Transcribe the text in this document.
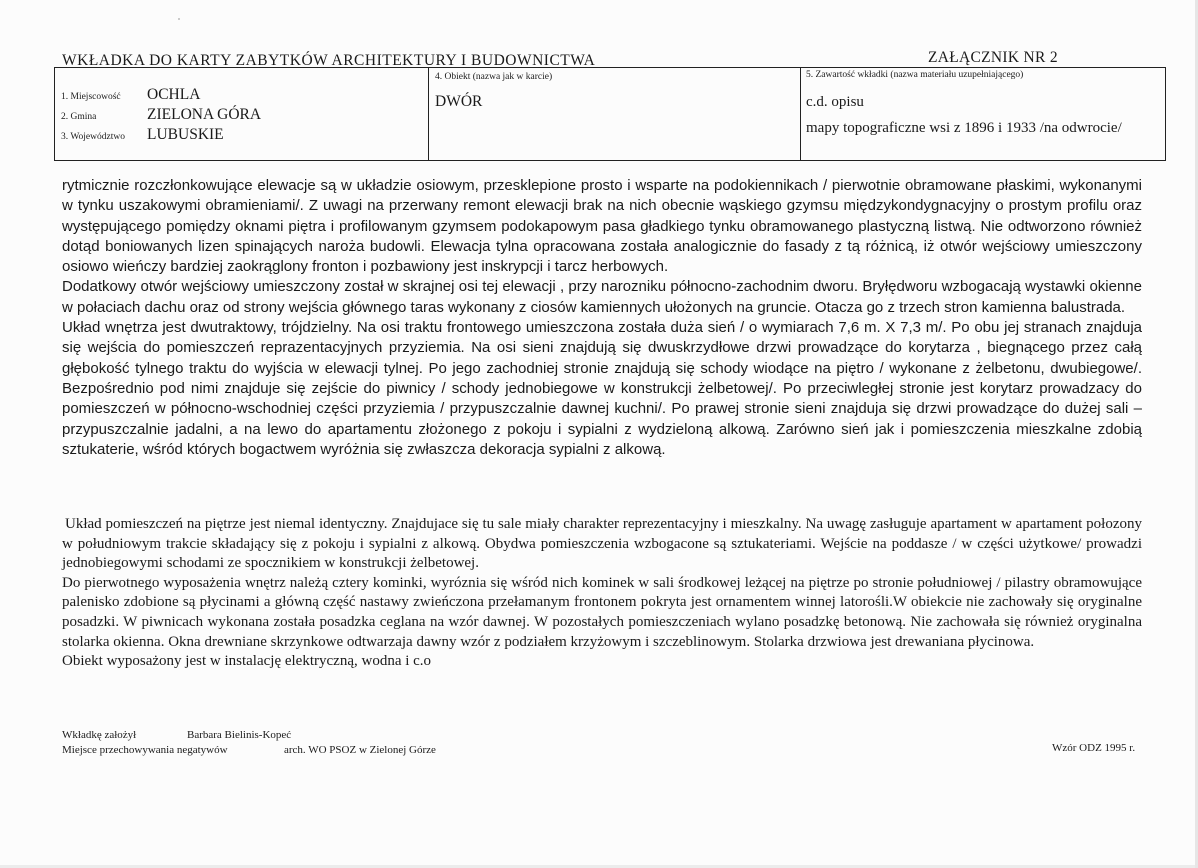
WKŁADKA DO KARTY ZABYTKÓW ARCHITEKTURY I BUDOWNICTWA	ZAŁĄCZNIK NR 2
1. Miejscowość OCHLA
2. Gmina	ZIELONA GÓRA
3. Województwo LUBUSKIE
4. Obiekt (nazwa jak w karcie)
DWÓR
5. Zawartość wkładki (nazwa materiału uzupełniającego)
c.d. opisu
mapy topograficzne wsi z 1896 i 1933 /na odwrocie/

rytmicznie rozczłonkowujące elewacje są w układzie osiowym, przesklepione prosto i wsparte na podokiennikach / pierwotnie obramowane płaskimi, wykonanymi w tynku uszakowymi obramieniami/. Z uwagi na przerwany remont elewacji brak na nich obecnie wąskiego gzymsu międzykondygnacyjny o prostym profilu oraz występującego pomiędzy oknami piętra i profilowanym gzymsem podokapowym pasa gładkiego tynku obramowanego plastyczną listwą. Nie odtworzono również dotąd boniowanych lizen spinających naroża budowli. Elewacja tylna opracowana została analogicznie do fasady z tą różnicą, iż otwór wejściowy umieszczony osiowo wieńczy bardziej zaokrąglony fronton i pozbawiony jest inskrypcji i tarcz herbowych.

Dodatkowy otwór wejściowy umieszczony został w skrajnej osi tej elewacji , przy narozniku północno-zachodnim dworu. Bryłędworu wzbogacają wystawki okienne w połaciach dachu oraz od strony wejścia głównego taras wykonany z ciosów kamiennych ułożonych na gruncie. Otacza go z trzech stron kamienna balustrada.

Układ wnętrza jest dwutraktowy, trójdzielny. Na osi traktu frontowego umieszczona została duża sień / o wymiarach 7,6 m. X 7,3 m/. Po obu jej stranach znajduja się wejścia do pomieszczeń reprazentacyjnych przyziemia. Na osi sieni znajdują się dwuskrzydłowe drzwi prowadzące do korytarza , biegnącego przez całą głębokość tylnego traktu do wyjścia w elewacji tylnej. Po jego zachodniej stronie znajdują się schody wiodące na piętro / wykonane z żelbetonu, dwubiegowe/. Bezpośrednio pod nimi znajduje się zejście do piwnicy / schody jednobiegowe w konstrukcji żelbetowej/. Po przeciwległej stronie jest korytarz prowadzacy do pomieszczeń w północno-wschodniej części przyziemia / przypuszczalnie dawnej kuchni/. Po prawej stronie sieni znajduja się drzwi prowadzące do dużej sali – przypuszczalnie jadalni, a na lewo do apartamentu złożonego z pokoju i sypialni z wydzieloną alkową. Zarówno sień jak i pomieszczenia mieszkalne zdobią sztukaterie, wśród których bogactwem wyróżnia się zwłaszcza dekoracja sypialni z alkową.

Układ pomieszczeń na piętrze jest niemal identyczny. Znajdujace się tu sale miały charakter reprezentacyjny i mieszkalny. Na uwagę zasługuje apartament w apartament połozony w południowym trakcie składający się z pokoju i sypialni z alkową. Obydwa pomieszczenia wzbogacone są sztukateriami. Wejście na poddasze / w części użytkowe/ prowadzi jednobiegowymi schodami ze spocznikiem w konstrukcji żelbetowej.

Do pierwotnego wyposażenia wnętrz należą cztery kominki, wyróznia się wśród nich kominek w sali środkowej leżącej na piętrze po stronie południowej / pilastry obramowujące palenisko zdobione są płycinami a główną część nastawy zwieńczona przełamanym frontonem pokryta jest ornamentem winnej latorośli.W obiekcie nie zachowały się oryginalne posadzki. W piwnicach wykonana została posadzka ceglana na wzór dawnej. W pozostałych pomieszczeniach wylano posadzkę betonową. Nie zachowała się również oryginalna stolarka okienna. Okna drewniane skrzynkowe odtwarzaja dawny wzór z podziałem krzyżowym i szczeblinowym. Stolarka drzwiowa jest drewaniana płycinowa.

Obiekt wyposażony jest w instalację elektryczną, wodna i c.o

Wkładkę założył	Barbara Bielinis-Kopeć
Miejsce przechowywania negatywów	arch. WO PSOZ w Zielonej Górze	Wzór ODZ 1995 r.
